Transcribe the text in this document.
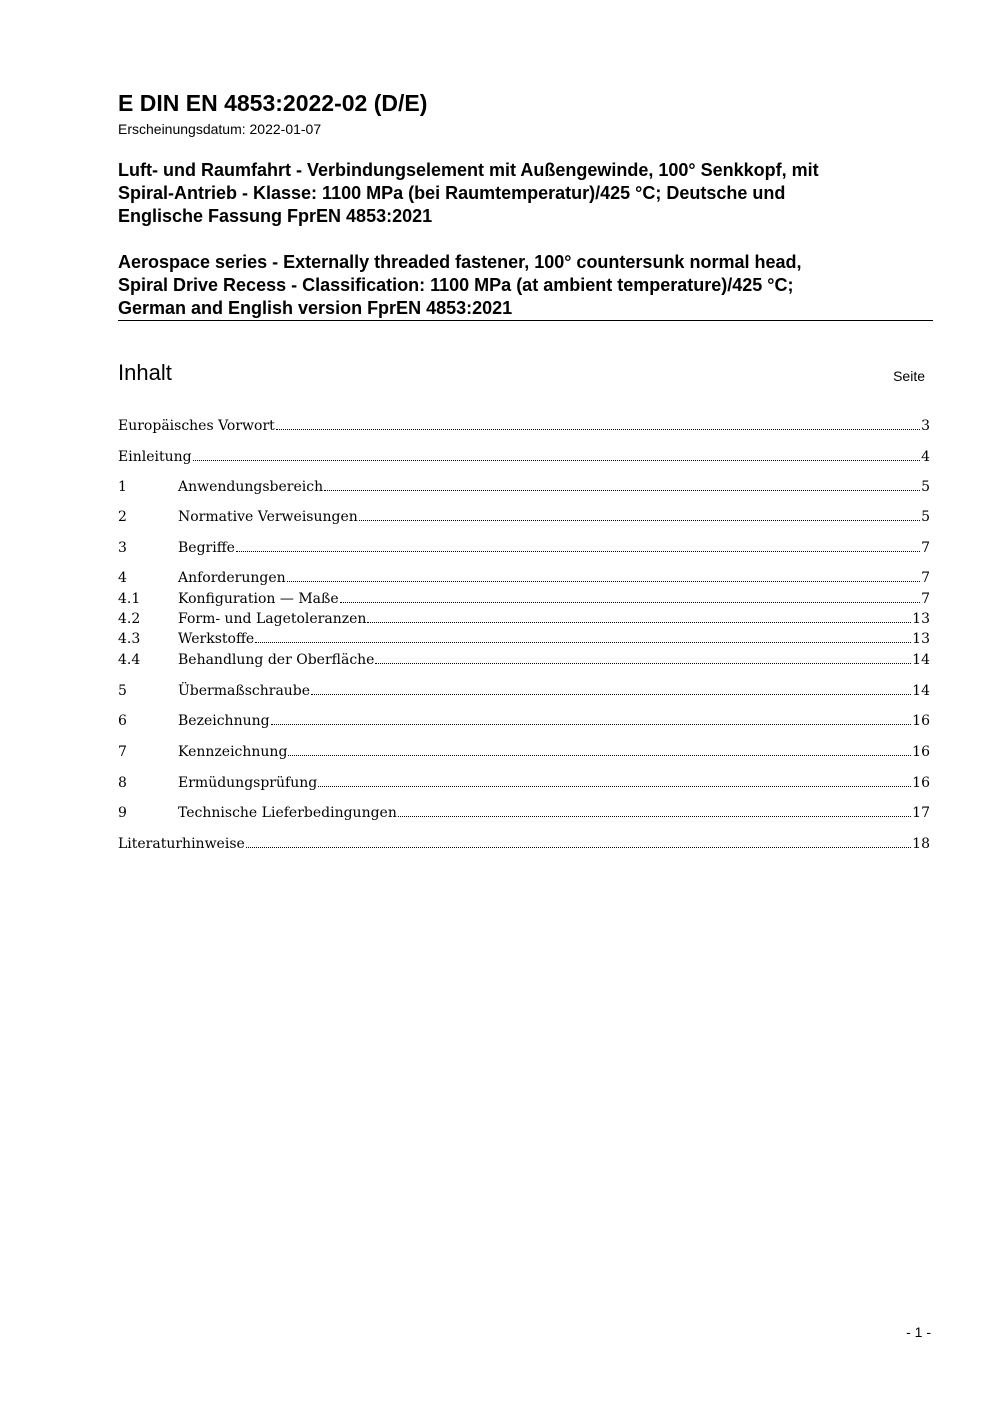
E DIN EN 4853:2022-02 (D/E)
Erscheinungsdatum: 2022-01-07
Luft- und Raumfahrt - Verbindungselement mit Außengewinde, 100° Senkkopf, mit
Spiral-Antrieb - Klasse: 1100 MPa (bei Raumtemperatur)/425 °C; Deutsche und
Englische Fassung FprEN 4853:2021
Aerospace series - Externally threaded fastener, 100° countersunk normal head,
Spiral Drive Recess - Classification: 1100 MPa (at ambient temperature)/425 °C;
German and English version FprEN 4853:2021
Inhalt	Seite
Europäisches Vorwort	3
Einleitung	4
1	Anwendungsbereich	5
2	Normative Verweisungen	5
3	Begriffe	7
4	Anforderungen	7
4.1	Konfiguration — Maße	7
4.2	Form- und Lagetoleranzen	13
4.3	Werkstoffe	13
4.4	Behandlung der Oberfläche	14
5	Übermaßschraube	14
6	Bezeichnung	16
7	Kennzeichnung	16
8	Ermüdungsprüfung	16
9	Technische Lieferbedingungen	17
Literaturhinweise	18
- 1 -
